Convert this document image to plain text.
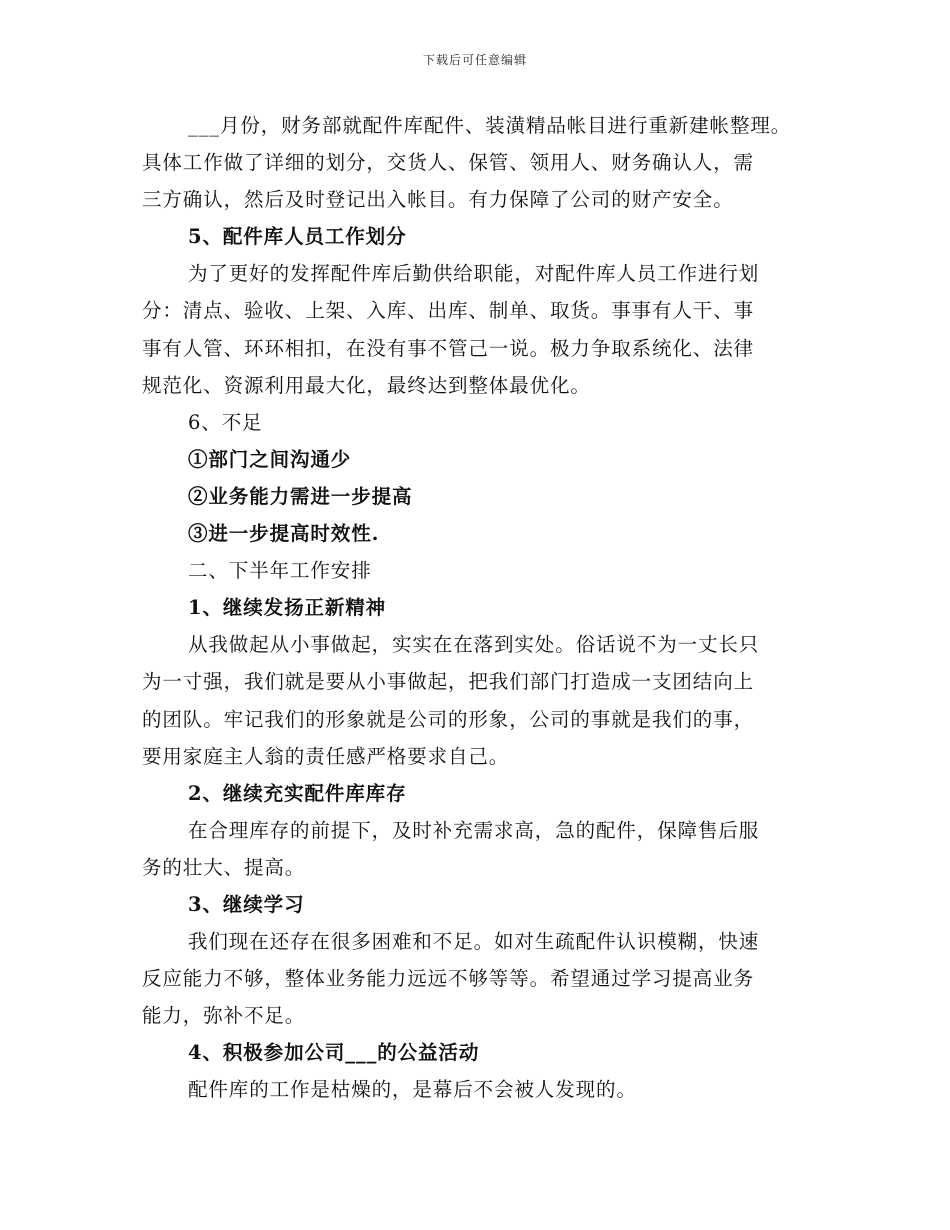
下载后可任意编辑
___月份，财务部就配件库配件、装潢精品帐目进行重新建帐整理。
具体工作做了详细的划分，交货人、保管、领用人、财务确认人，需
三方确认，然后及时登记出入帐目。有力保障了公司的财产安全。
5、配件库人员工作划分
为了更好的发挥配件库后勤供给职能，对配件库人员工作进行划
分：清点、验收、上架、入库、出库、制单、取货。事事有人干、事
事有人管、环环相扣，在没有事不管己一说。极力争取系统化、法律
规范化、资源利用最大化，最终达到整体最优化。
6、不足
①部门之间沟通少
②业务能力需进一步提高
③进一步提高时效性.
二、下半年工作安排
1、继续发扬正新精神
从我做起从小事做起，实实在在落到实处。俗话说不为一丈长只
为一寸强，我们就是要从小事做起，把我们部门打造成一支团结向上
的团队。牢记我们的形象就是公司的形象，公司的事就是我们的事，
要用家庭主人翁的责任感严格要求自己。
2、继续充实配件库库存
在合理库存的前提下，及时补充需求高，急的配件，保障售后服
务的壮大、提高。
3、继续学习
我们现在还存在很多困难和不足。如对生疏配件认识模糊，快速
反应能力不够，整体业务能力远远不够等等。希望通过学习提高业务
能力，弥补不足。
4、积极参加公司___的公益活动
配件库的工作是枯燥的，是幕后不会被人发现的。
